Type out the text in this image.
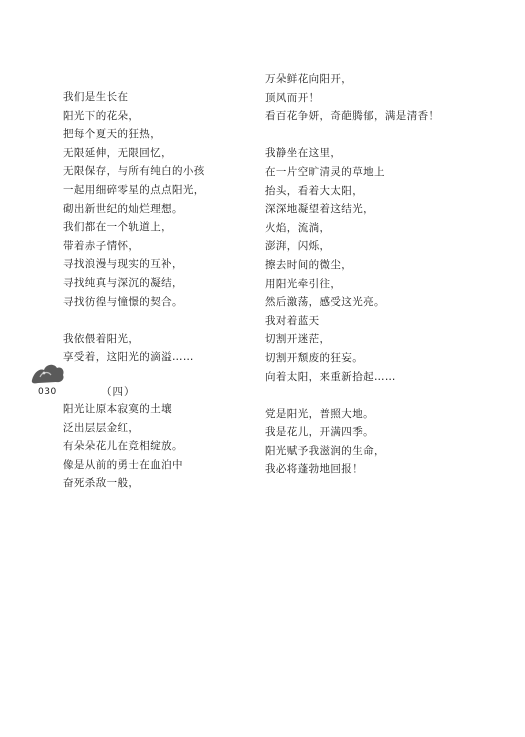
我们是生长在
阳光下的花朵，
把每个夏天的狂热，
无限延伸，无限回忆，
无限保存，与所有纯白的小孩
一起用细碎零星的点点阳光，
砌出新世纪的灿烂理想。
我们都在一个轨道上，
带着赤子情怀，
寻找浪漫与现实的互补，
寻找纯真与深沉的凝结，
寻找彷徨与憧憬的契合。
我依偎着阳光，
享受着，这阳光的滴溢……
阳光让原本寂寞的土壤
泛出层层金红，
有朵朵花儿在竞相绽放。
像是从前的勇士在血泊中
奋死杀敌一般，
万朵鲜花向阳开，
顶风而开！
看百花争妍，奇葩腾郁，满是清香！
我静坐在这里，
在一片空旷清灵的草地上
抬头，看着大太阳，
深深地凝望着这结光，
火焰，流淌，
澎湃，闪烁，
擦去时间的微尘，
用阳光牵引往，
然后激荡，感受这光亮。
我对着蓝天
切割开迷茫，
切割开颓废的狂妄。
向着太阳，来重新拾起……
党是阳光，普照大地。
我是花儿，开满四季。
阳光赋予我滋润的生命，
我必将蓬勃地回报！
030	（四）
